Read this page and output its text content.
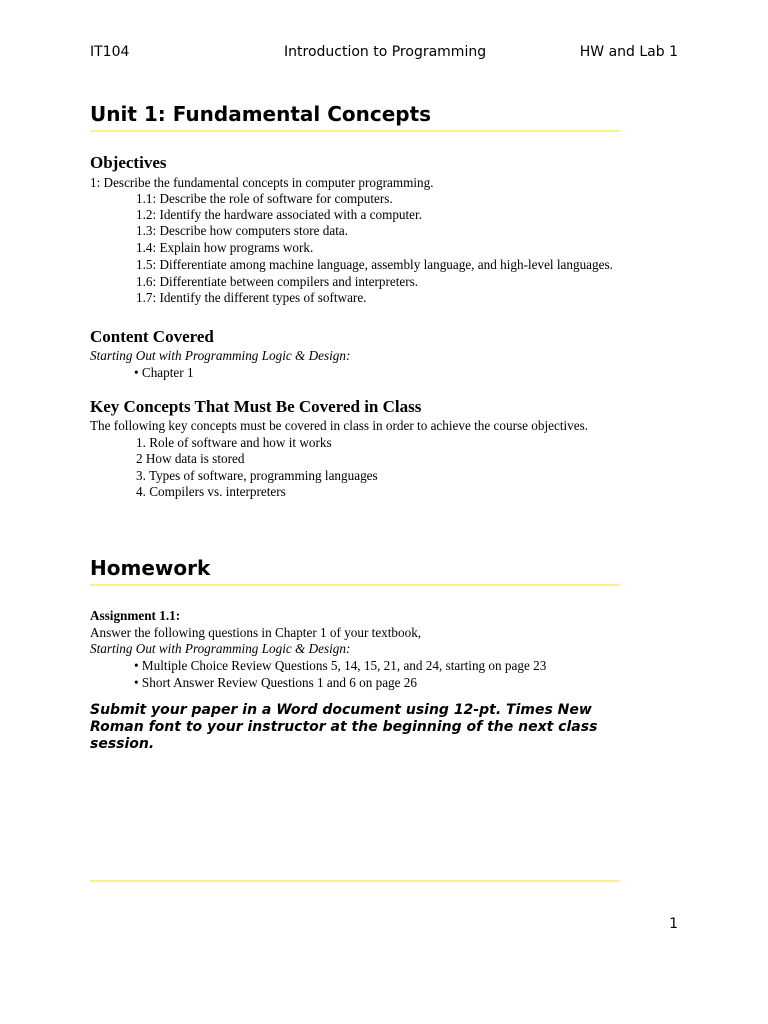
IT104	Introduction to Programming	HW and Lab 1
Unit 1: Fundamental Concepts
Objectives
1: Describe the fundamental concepts in computer programming.
1.1: Describe the role of software for computers.
1.2: Identify the hardware associated with a computer.
1.3: Describe how computers store data.
1.4: Explain how programs work.
1.5: Differentiate among machine language, assembly language, and high-level languages.
1.6: Differentiate between compilers and interpreters.
1.7: Identify the different types of software.
Content Covered
Starting Out with Programming Logic & Design:
• Chapter 1
Key Concepts That Must Be Covered in Class
The following key concepts must be covered in class in order to achieve the course objectives.
1. Role of software and how it works
2 How data is stored
3. Types of software, programming languages
4. Compilers vs. interpreters
Homework
Assignment 1.1:
Answer the following questions in Chapter 1 of your textbook,
Starting Out with Programming Logic & Design:
• Multiple Choice Review Questions 5, 14, 15, 21, and 24, starting on page 23
• Short Answer Review Questions 1 and 6 on page 26
Submit your paper in a Word document using 12-pt. Times New Roman font to your instructor at the beginning of the next class session.
1
